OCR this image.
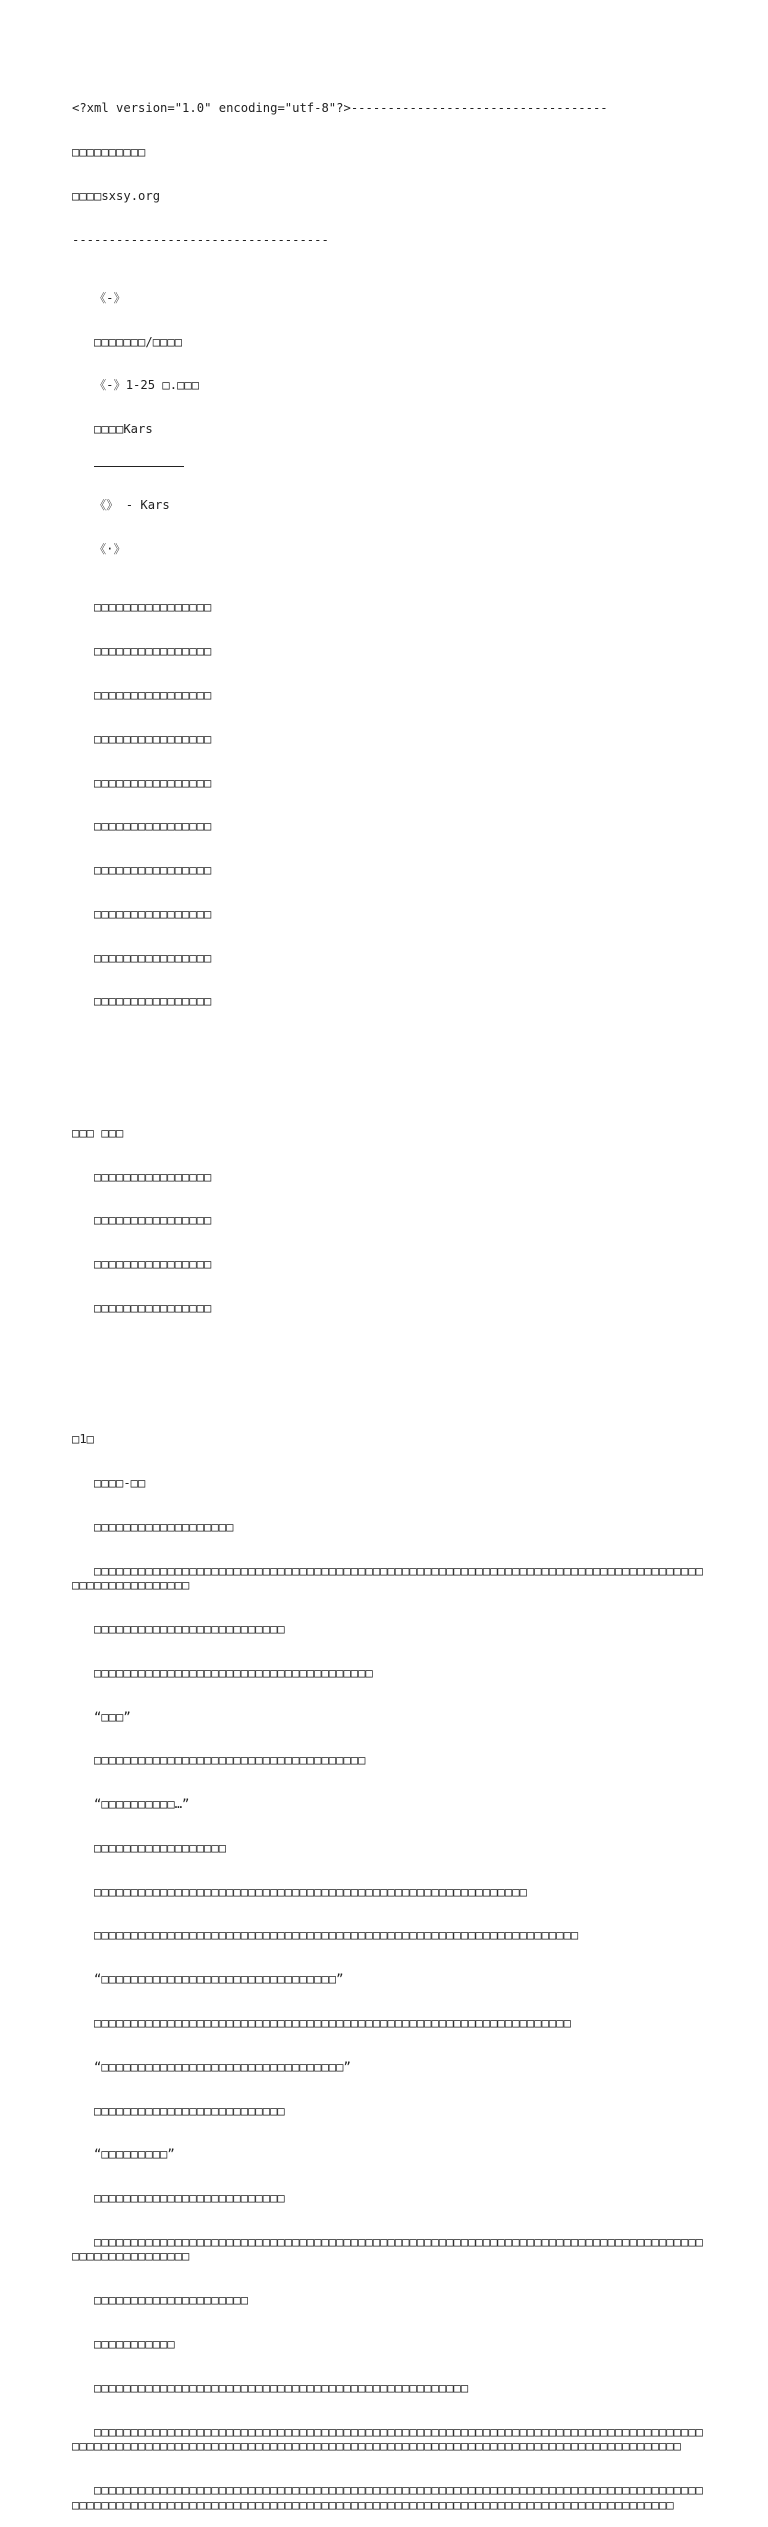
<?xml version="1.0" encoding="utf-8"?>-----------------------------------

□□□□□□□□□□

□□□□sxsy.org

-----------------------------------

《-》

□□□□□□□/□□□□

《-》1-25 □.□□□

□□□□Kars

《》 - Kars

《·》

□□□□□□□□□□□□□□□□

□□□□□□□□□□□□□□□□

□□□□□□□□□□□□□□□□

□□□□□□□□□□□□□□□□

□□□□□□□□□□□□□□□□

□□□□□□□□□□□□□□□□

□□□□□□□□□□□□□□□□

□□□□□□□□□□□□□□□□

□□□□□□□□□□□□□□□□

□□□□□□□□□□□□□□□□

□□□ □□□

□□□□□□□□□□□□□□□□

□□□□□□□□□□□□□□□□

□□□□□□□□□□□□□□□□

□□□□□□□□□□□□□□□□

□1□

□□□□-□□

□□□□□□□□□□□□□□□□□□□

□□□□□□□□□□□□□□□□□□□□□□□□□□□□□□□□□□□□□□□□□□□□□□□□□□□□□□□□□□□□□□□□□□□□□□□□□□□□□□□□□□□□□□□□□□□□□□□□□□□

□□□□□□□□□□□□□□□□□□□□□□□□□□

□□□□□□□□□□□□□□□□□□□□□□□□□□□□□□□□□□□□□□

“□□□”

□□□□□□□□□□□□□□□□□□□□□□□□□□□□□□□□□□□□□

“□□□□□□□□□□…”

□□□□□□□□□□□□□□□□□□

□□□□□□□□□□□□□□□□□□□□□□□□□□□□□□□□□□□□□□□□□□□□□□□□□□□□□□□□□□□

□□□□□□□□□□□□□□□□□□□□□□□□□□□□□□□□□□□□□□□□□□□□□□□□□□□□□□□□□□□□□□□□□□

“□□□□□□□□□□□□□□□□□□□□□□□□□□□□□□□□”

□□□□□□□□□□□□□□□□□□□□□□□□□□□□□□□□□□□□□□□□□□□□□□□□□□□□□□□□□□□□□□□□□

“□□□□□□□□□□□□□□□□□□□□□□□□□□□□□□□□□”

□□□□□□□□□□□□□□□□□□□□□□□□□□

“□□□□□□□□□”

□□□□□□□□□□□□□□□□□□□□□□□□□□

□□□□□□□□□□□□□□□□□□□□□□□□□□□□□□□□□□□□□□□□□□□□□□□□□□□□□□□□□□□□□□□□□□□□□□□□□□□□□□□□□□□□□□□□□□□□□□□□□□□

□□□□□□□□□□□□□□□□□□□□□

□□□□□□□□□□□

□□□□□□□□□□□□□□□□□□□□□□□□□□□□□□□□□□□□□□□□□□□□□□□□□□□

□□□□□□□□□□□□□□□□□□□□□□□□□□□□□□□□□□□□□□□□□□□□□□□□□□□□□□□□□□□□□□□□□□□□□□□□□□□□□□□□□□□□□□□□□□□□□□□□□□□□□□□□□□□□□□□□□□□□□□□□□□□□□□□□□□□□□□□□□□□□□□□□□□□□□□□□□□□□□□□□□□□□□□

□□□□□□□□□□□□□□□□□□□□□□□□□□□□□□□□□□□□□□□□□□□□□□□□□□□□□□□□□□□□□□□□□□□□□□□□□□□□□□□□□□□□□□□□□□□□□□□□□□□□□□□□□□□□□□□□□□□□□□□□□□□□□□□□□□□□□□□□□□□□□□□□□□□□□□□□□□□□□□□□□□□□□
